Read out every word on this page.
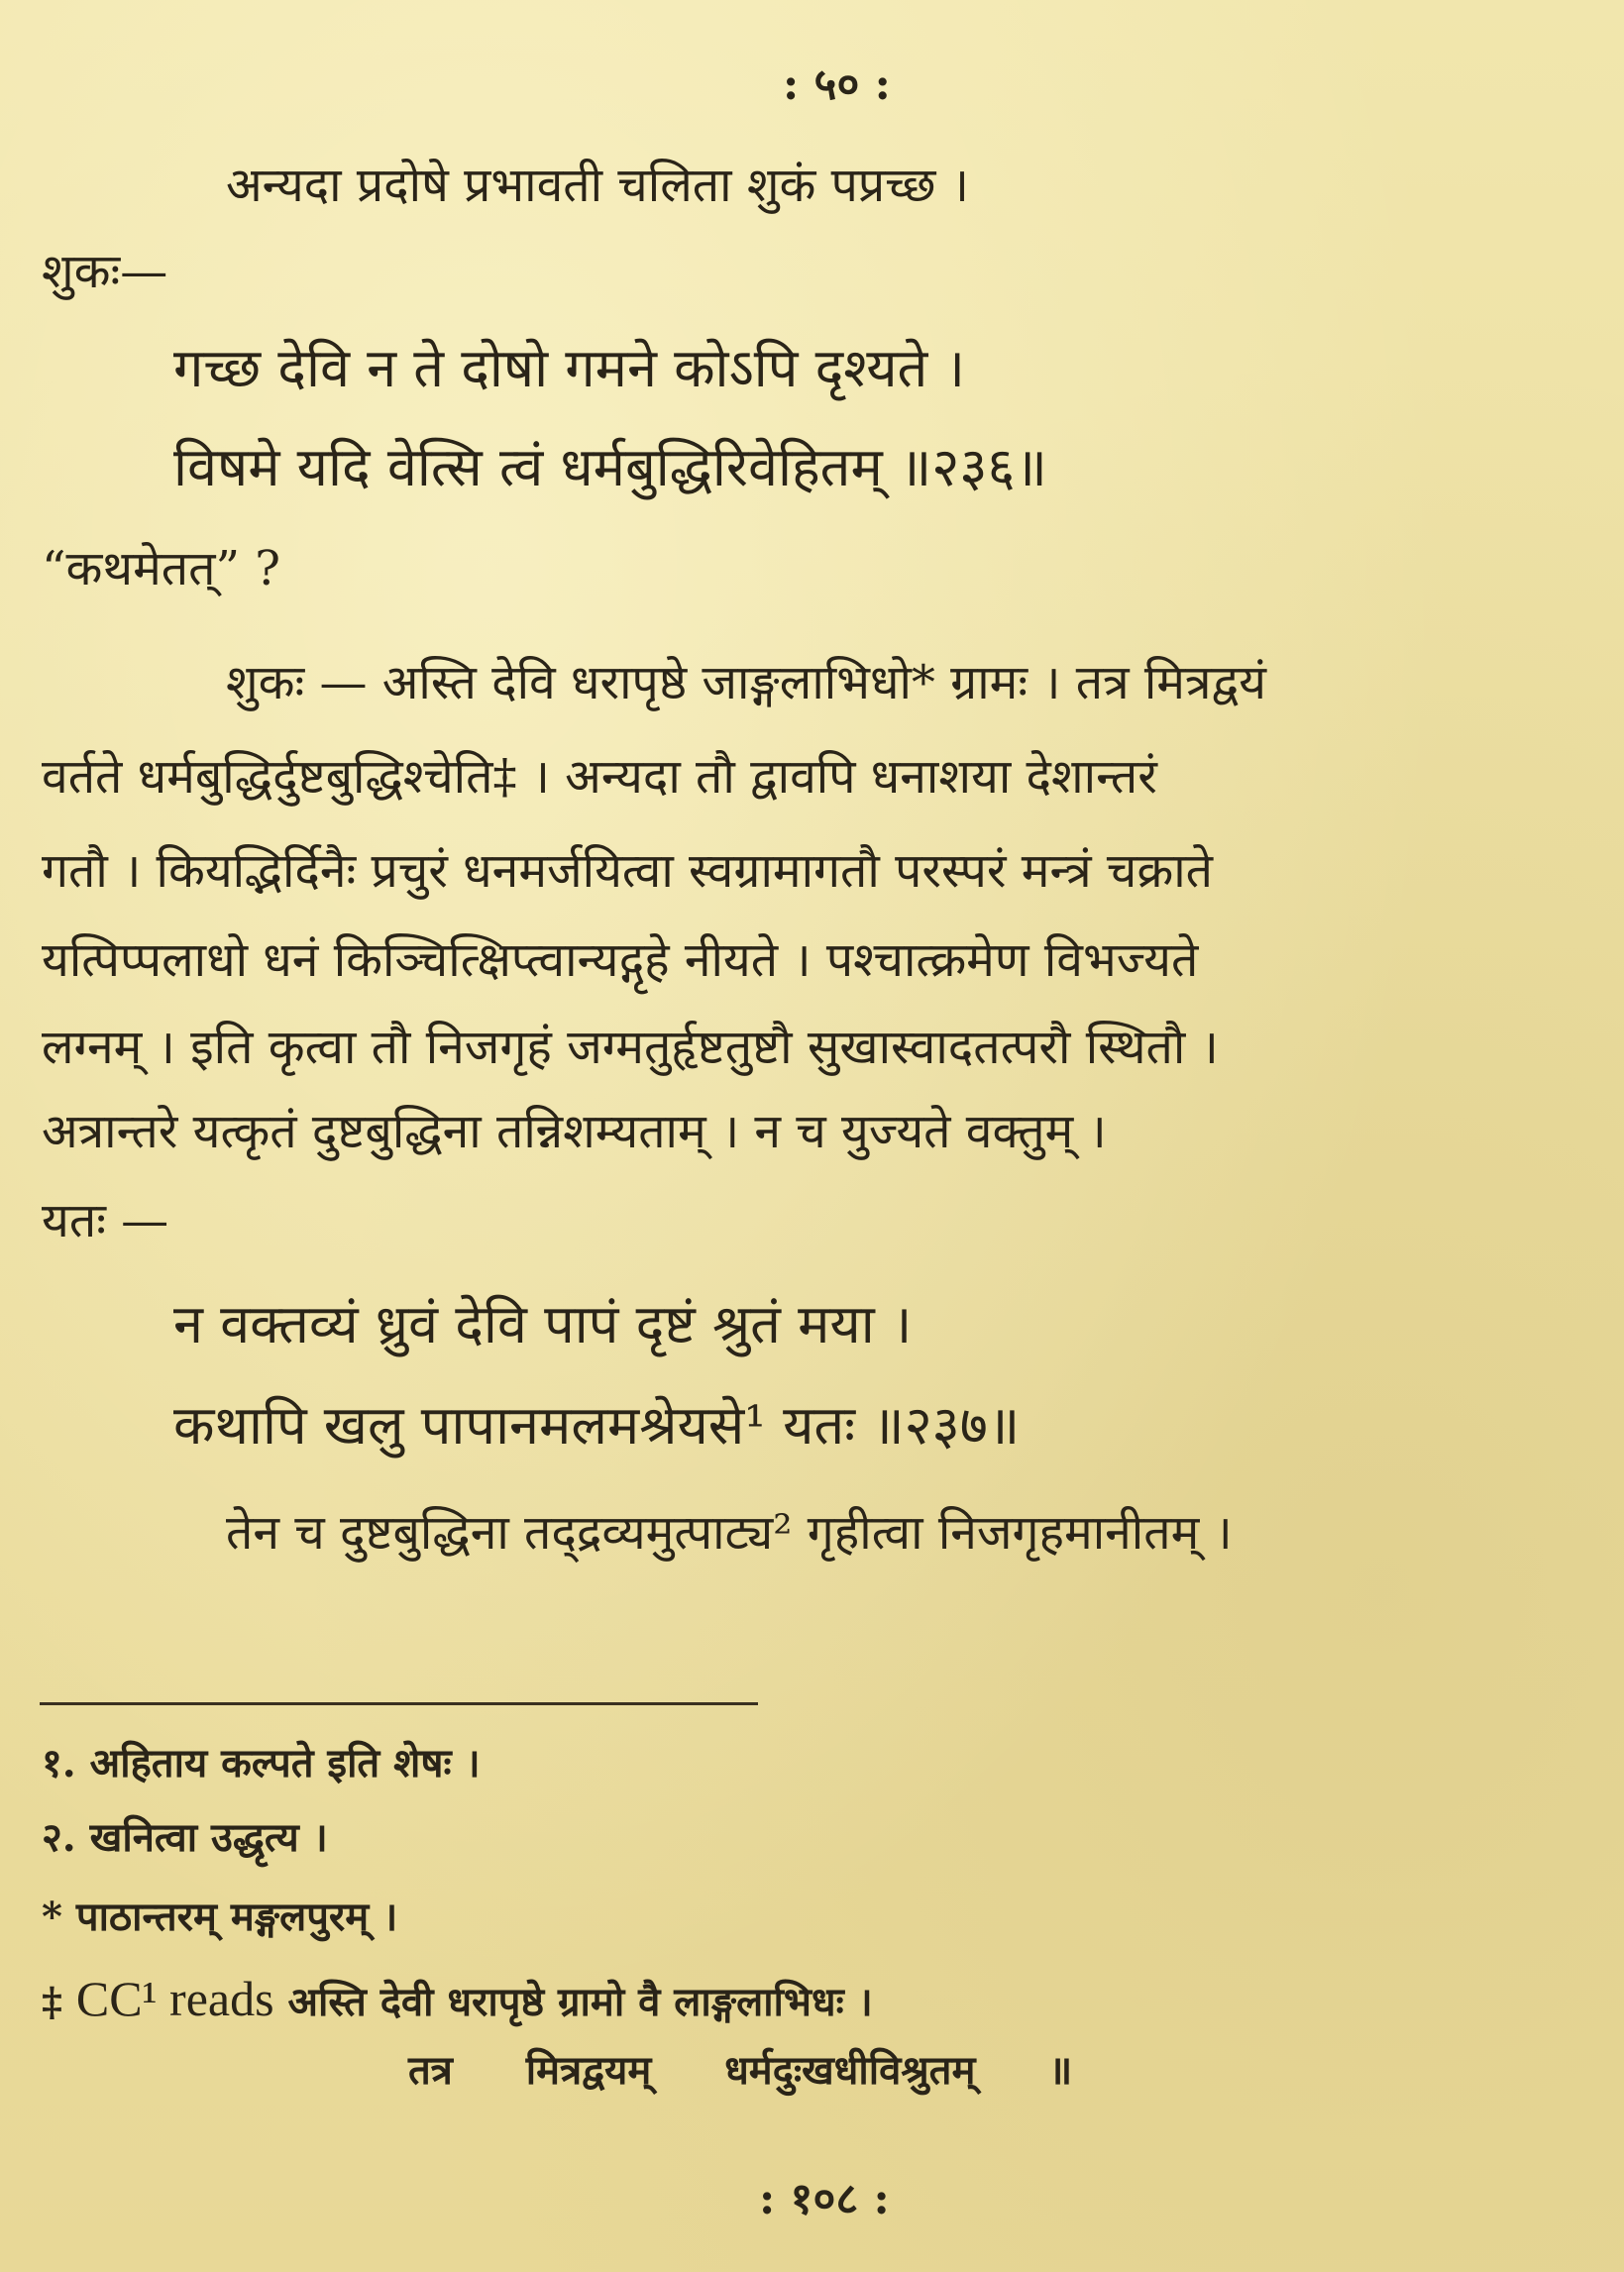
: ५० :
अन्यदा प्रदोषे प्रभावती चलिता शुकं पप्रच्छ ।
शुकः—
गच्छ देवि न ते दोषो गमने कोऽपि दृश्यते ।
विषमे यदि वेत्सि त्वं धर्मबुद्धिरिवेहितम् ॥२३६॥
“कथमेतत्” ?
शुकः — अस्ति देवि धरापृष्ठे जाङ्गलाभिधो* ग्रामः । तत्र मित्रद्वयं
वर्तते धर्मबुद्धिर्दुष्टबुद्धिश्चेति‡ । अन्यदा तौ द्वावपि धनाशया देशान्तरं
गतौ । कियद्भिर्दिनैः प्रचुरं धनमर्जयित्वा स्वग्रामागतौ परस्परं मन्त्रं चक्राते
यत्पिप्पलाधो धनं किञ्चित्क्षिप्त्वान्यद्गृहे नीयते । पश्चात्क्रमेण विभज्यते
लग्नम् । इति कृत्वा तौ निजगृहं जग्मतुर्हृष्टतुष्टौ सुखास्वादतत्परौ स्थितौ ।
अत्रान्तरे यत्कृतं दुष्टबुद्धिना तन्निशम्यताम् । न च युज्यते वक्तुम् ।
यतः —
न वक्तव्यं ध्रुवं देवि पापं दृष्टं श्रुतं मया ।
कथापि खलु पापानमलमश्रेयसे¹ यतः ॥२३७॥
तेन च दुष्टबुद्धिना तद्द्रव्यमुत्पाट्य² गृहीत्वा निजगृहमानीतम् ।
१. अहिताय कल्पते इति शेषः ।
२. खनित्वा उद्धृत्य ।
* पाठान्तरम् मङ्गलपुरम् ।
‡ CC¹ reads अस्ति देवी धरापृष्ठे ग्रामो वै लाङ्गलाभिधः ।
तत्र मित्रद्वयम् धर्मदुःखधीविश्रुतम् ॥
: १०८ :
